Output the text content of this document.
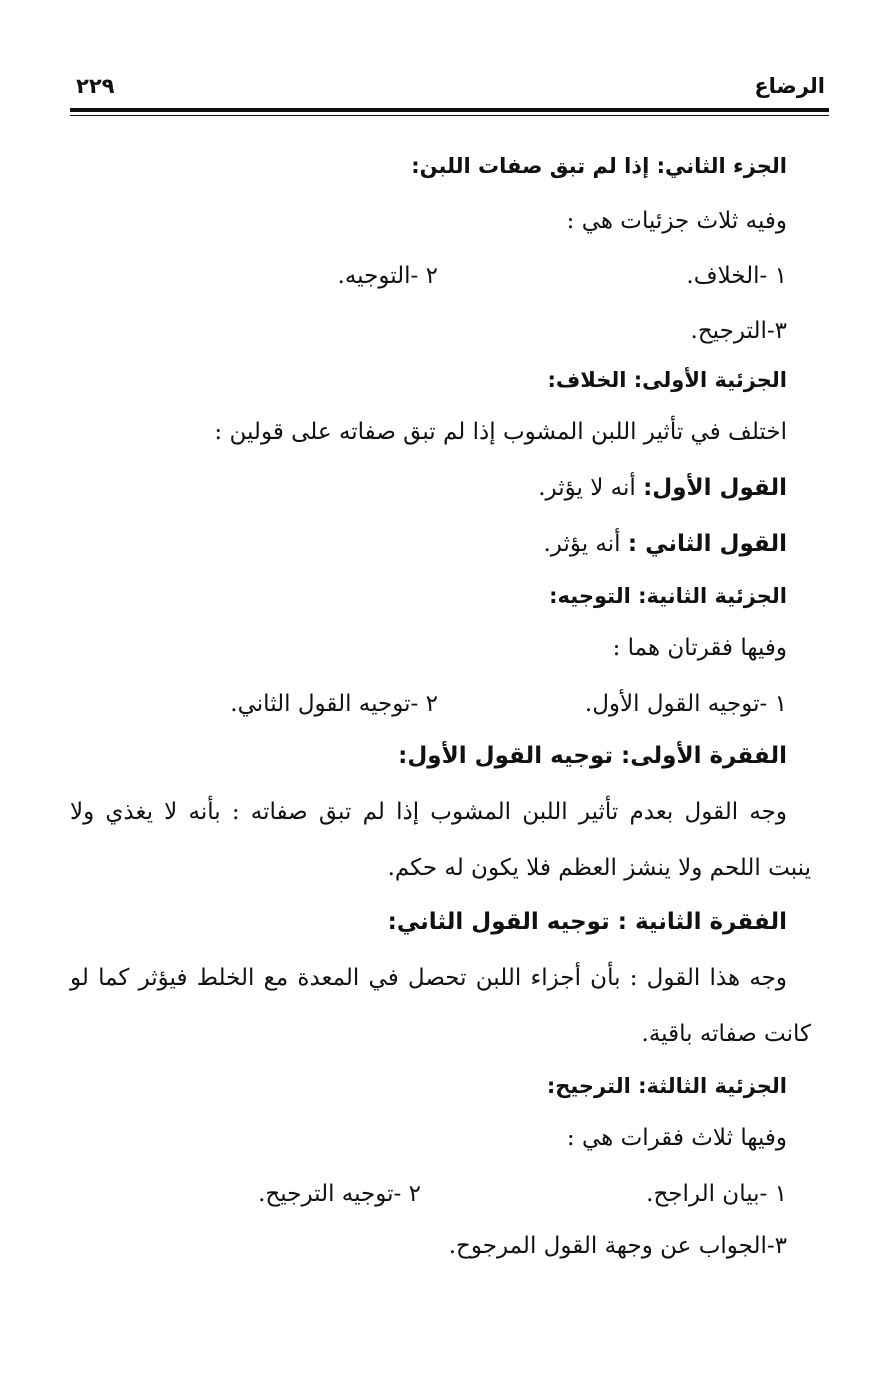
الرضاع
٢٢٩
الجزء الثاني: إذا لم تبق صفات اللبن:
وفيه ثلاث جزئيات هي :
١ -الخلاف.
٢ -التوجيه.
٣-الترجيح.
الجزئية الأولى: الخلاف:
اختلف في تأثير اللبن المشوب إذا لم تبق صفاته على قولين :
القول الأول: أنه لا يؤثر.
القول الثاني : أنه يؤثر.
الجزئية الثانية: التوجيه:
وفيها فقرتان هما :
١ -توجيه القول الأول.
٢ -توجيه القول الثاني.
الفقرة الأولى: توجيه القول الأول:
وجه القول بعدم تأثير اللبن المشوب إذا لم تبق صفاته : بأنه لا يغذي ولا
ينبت اللحم ولا ينشز العظم فلا يكون له حكم.
الفقرة الثانية : توجيه القول الثاني:
وجه هذا القول : بأن أجزاء اللبن تحصل في المعدة مع الخلط فيؤثر كما لو
كانت صفاته باقية.
الجزئية الثالثة: الترجيح:
وفيها ثلاث فقرات هي :
١ -بيان الراجح.
٢ -توجيه الترجيح.
٣-الجواب عن وجهة القول المرجوح.
